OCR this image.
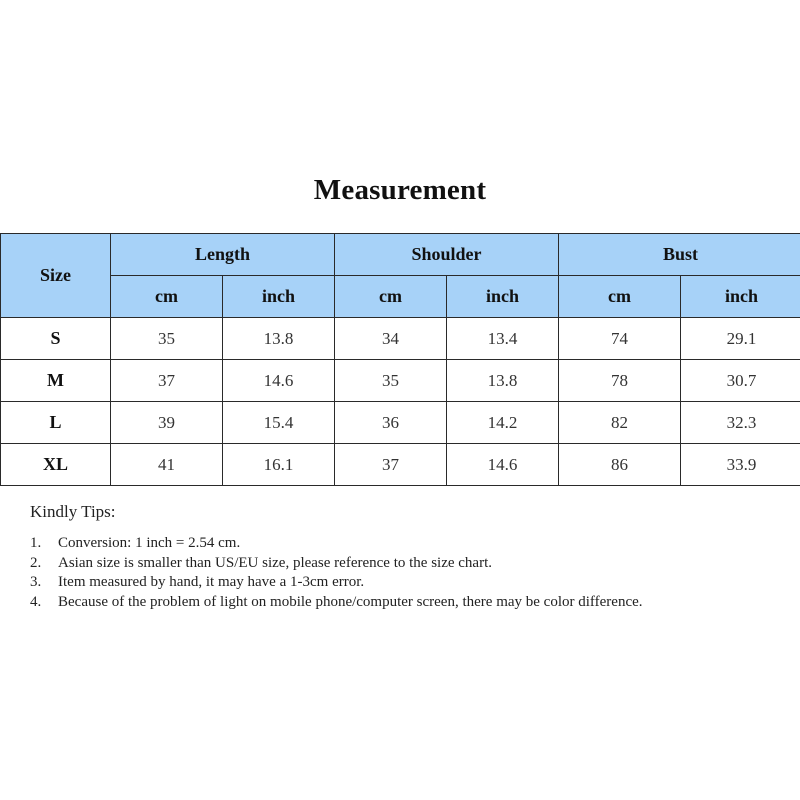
Measurement
Size	Length		Shoulder		Bust	
	cm	inch	cm	inch	cm	inch
S	35	13.8	34	13.4	74	29.1
M	37	14.6	35	13.8	78	30.7
L	39	15.4	36	14.2	82	32.3
XL	41	16.1	37	14.6	86	33.9
Kindly Tips:
1.	Conversion: 1 inch = 2.54 cm.
2.	Asian size is smaller than US/EU size, please reference to the size chart.
3.	Item measured by hand, it may have a 1-3cm error.
4.	Because of the problem of light on mobile phone/computer screen, there may be color difference.
